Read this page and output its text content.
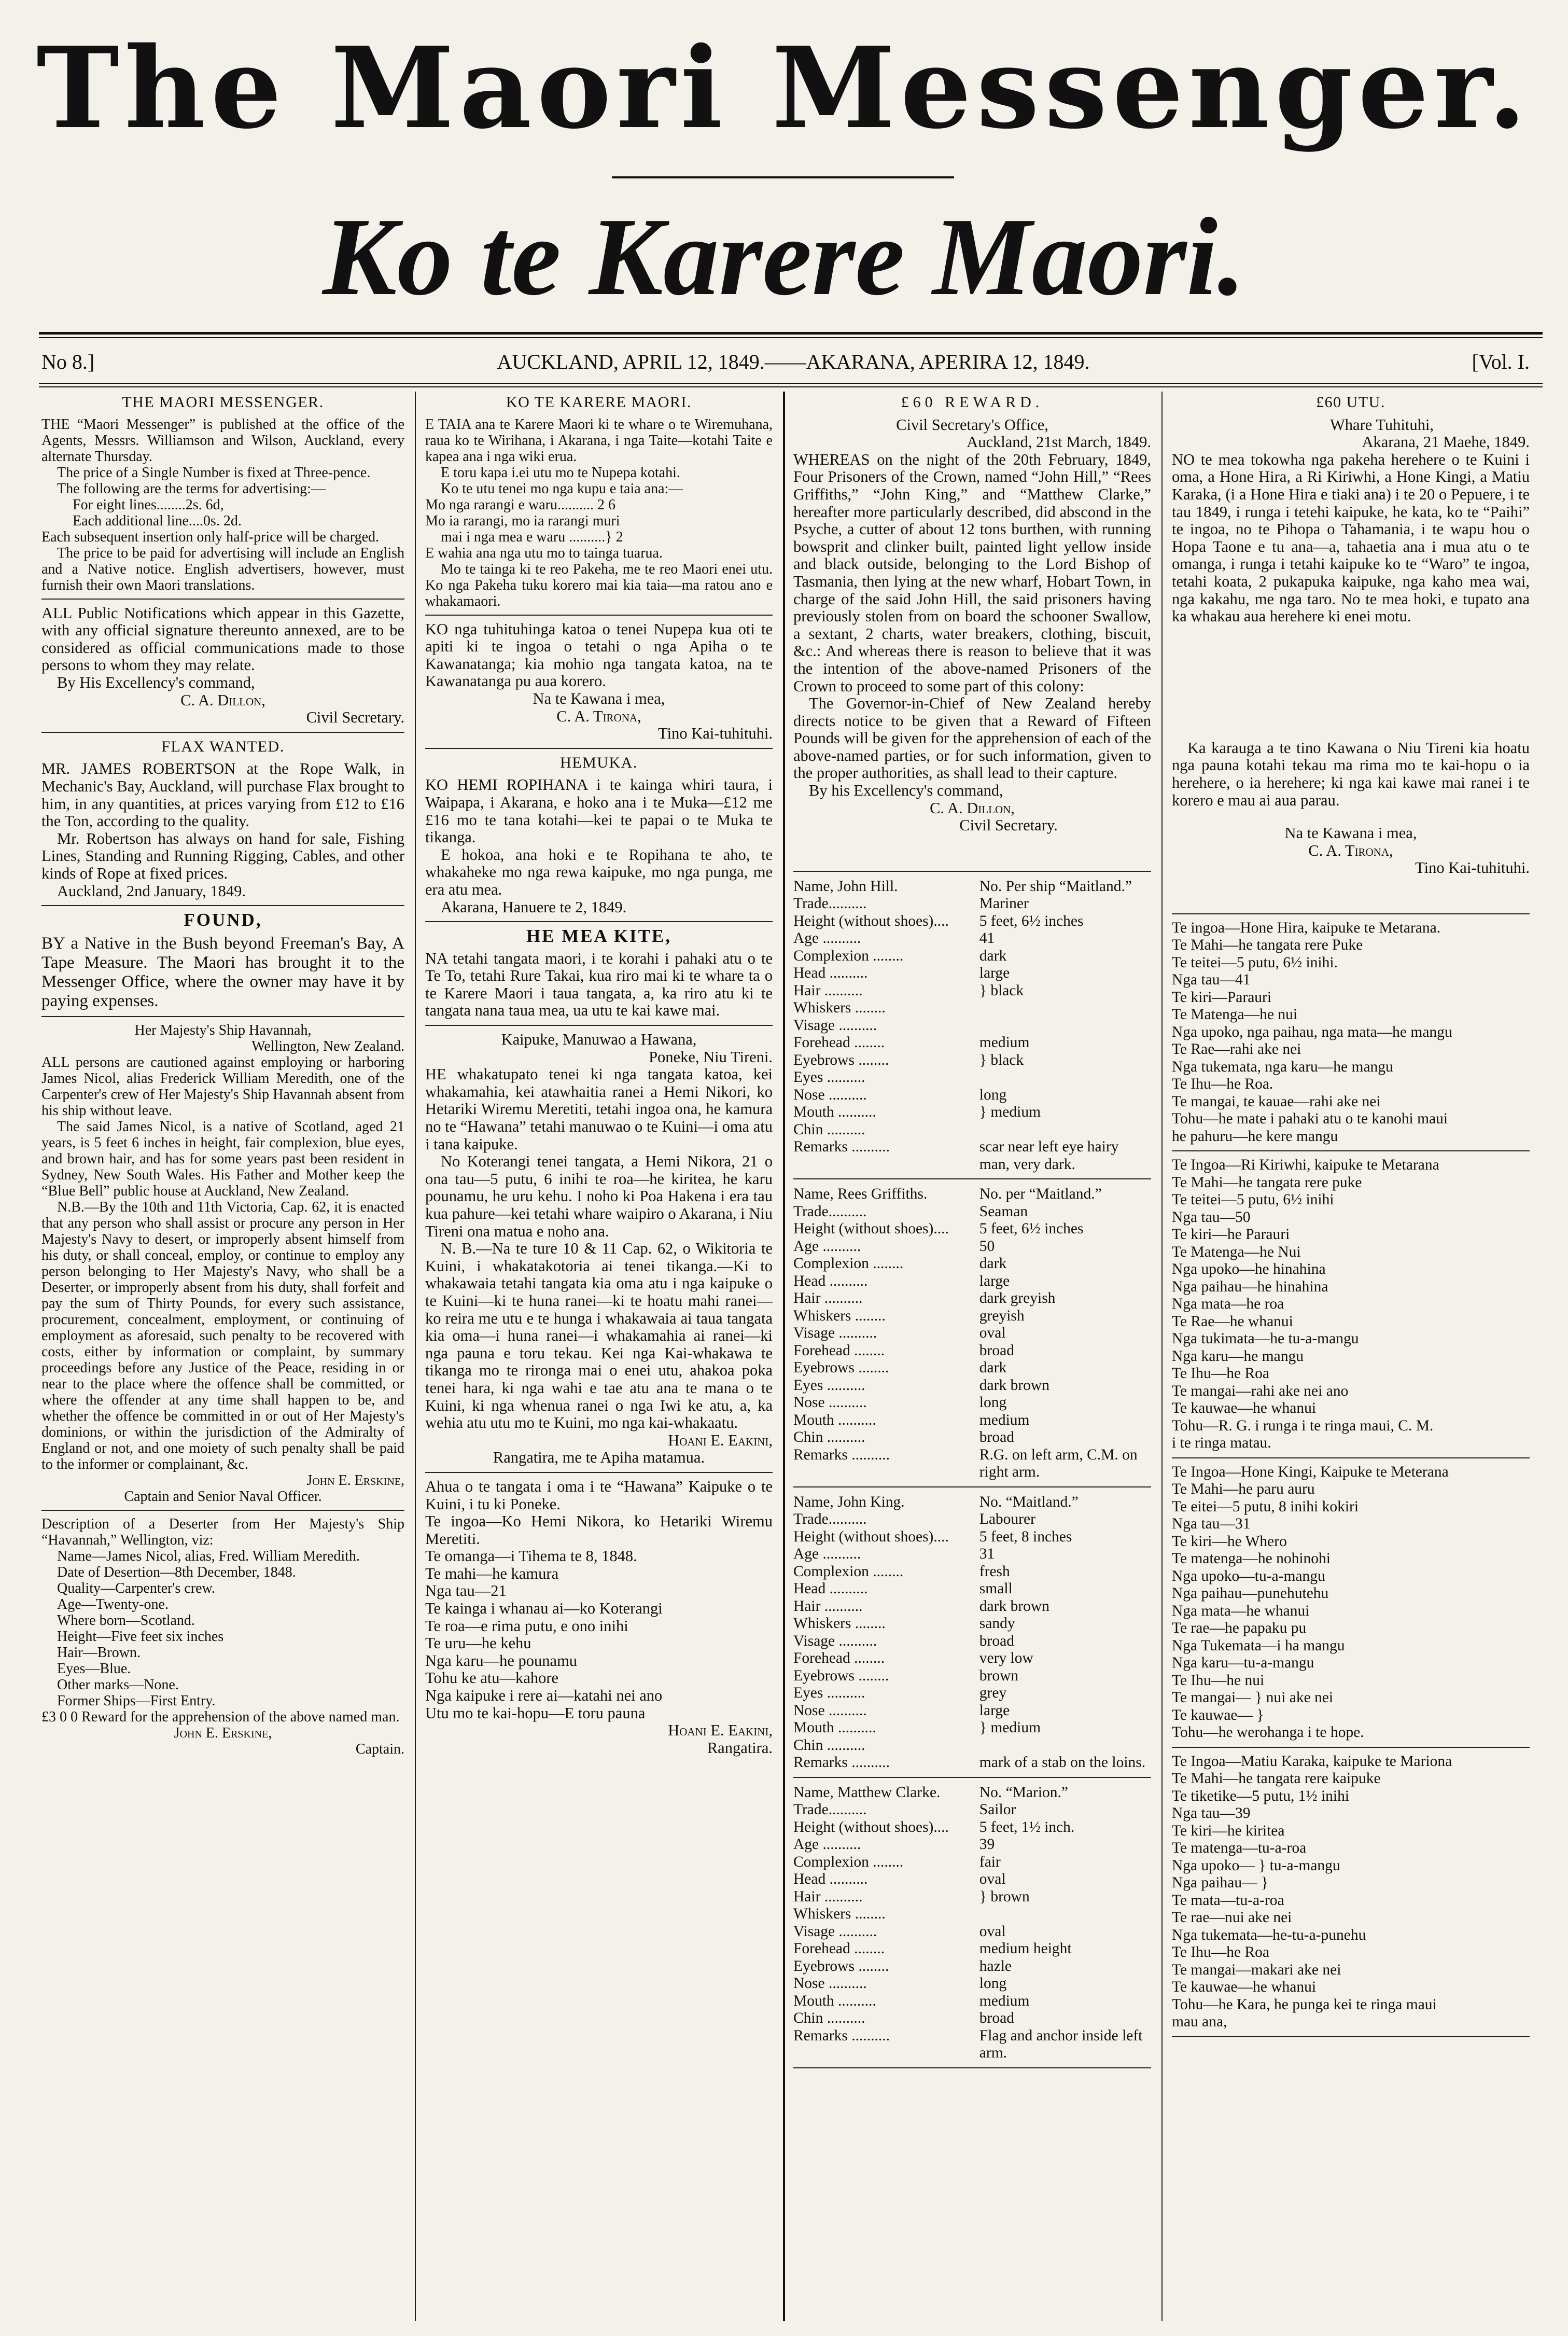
The Maori Messenger.
Ko te Karere Maori.
No 8.]	AUCKLAND, APRIL 12, 1849.——AKARANA, APERIRA 12, 1849.	[Vol. I.
THE MAORI MESSENGER.

THE “Maori Messenger” is published at the office of the Agents, Messrs. Williamson and Wilson, Auckland, every alternate Thursday.

The price of a Single Number is fixed at Three-pence.

The following are the terms for advertising:—

For eight lines........2s. 6d,

Each additional line....0s. 2d.

Each subsequent insertion only half-price will be charged.

The price to be paid for advertising will include an English and a Native notice. English advertisers, however, must furnish their own Maori translations.

ALL Public Notifications which appear in this Gazette, with any official signature thereunto annexed, are to be considered as official communications made to those persons to whom they may relate.

By His Excellency's command,

C. A. Dillon,

Civil Secretary.

FLAX WANTED.

MR. JAMES ROBERTSON at the Rope Walk, in Mechanic's Bay, Auckland, will purchase Flax brought to him, in any quantities, at prices varying from £12 to £16 the Ton, according to the quality.

Mr. Robertson has always on hand for sale, Fishing Lines, Standing and Running Rigging, Cables, and other kinds of Rope at fixed prices.

Auckland, 2nd January, 1849.

FOUND,

BY a Native in the Bush beyond Freeman's Bay, A Tape Measure. The Maori has brought it to the Messenger Office, where the owner may have it by paying expenses.

Her Majesty's Ship Havannah,

Wellington, New Zealand.

ALL persons are cautioned against employing or harboring James Nicol, alias Frederick William Meredith, one of the Carpenter's crew of Her Majesty's Ship Havannah absent from his ship without leave.

The said James Nicol, is a native of Scotland, aged 21 years, is 5 feet 6 inches in height, fair complexion, blue eyes, and brown hair, and has for some years past been resident in Sydney, New South Wales. His Father and Mother keep the “Blue Bell” public house at Auckland, New Zealand.

N.B.—By the 10th and 11th Victoria, Cap. 62, it is enacted that any person who shall assist or procure any person in Her Majesty's Navy to desert, or improperly absent himself from his duty, or shall conceal, employ, or continue to employ any person belonging to Her Majesty's Navy, who shall be a Deserter, or improperly absent from his duty, shall forfeit and pay the sum of Thirty Pounds, for every such assistance, procurement, concealment, employment, or continuing of employment as aforesaid, such penalty to be recovered with costs, either by information or complaint, by summary proceedings before any Justice of the Peace, residing in or near to the place where the offence shall be committed, or where the offender at any time shall happen to be, and whether the offence be committed in or out of Her Majesty's dominions, or within the jurisdiction of the Admiralty of England or not, and one moiety of such penalty shall be paid to the informer or complainant, &c.

John E. Erskine,

Captain and Senior Naval Officer.

Description of a Deserter from Her Majesty's Ship “Havannah,” Wellington, viz:

Name—James Nicol, alias, Fred. William Meredith.

Date of Desertion—8th December, 1848.

Quality—Carpenter's crew.

Age—Twenty-one.

Where born—Scotland.

Height—Five feet six inches

Hair—Brown.

Eyes—Blue.

Other marks—None.

Former Ships—First Entry.

£3 0 0 Reward for the apprehension of the above named man.

John E. Erskine,

Captain.

KO TE KARERE MAORI.

E TAIA ana te Karere Maori ki te whare o te Wiremuhana, raua ko te Wirihana, i Akarana, i nga Taite—kotahi Taite e kapea ana i nga wiki erua.

E toru kapa i.ei utu mo te Nupepa kotahi.

Ko te utu tenei mo nga kupu e taia ana:—

Mo nga rarangi e waru.......... 2 6

Mo ia rarangi, mo ia rarangi muri

mai i nga mea e waru ..........} 2

E wahia ana nga utu mo to tainga tuarua.

Mo te tainga ki te reo Pakeha, me te reo Maori enei utu. Ko nga Pakeha tuku korero mai kia taia—ma ratou ano e whakamaori.

KO nga tuhituhinga katoa o tenei Nupepa kua oti te apiti ki te ingoa o tetahi o nga Apiha o te Kawanatanga; kia mohio nga tangata katoa, na te Kawanatanga pu aua korero.

Na te Kawana i mea,

C. A. Tirona,

Tino Kai-tuhituhi.

HEMUKA.

KO HEMI ROPIHANA i te kainga whiri taura, i Waipapa, i Akarana, e hoko ana i te Muka—£12 me £16 mo te tana kotahi—kei te papai o te Muka te tikanga.

E hokoa, ana hoki e te Ropihana te aho, te whakaheke mo nga rewa kaipuke, mo nga punga, me era atu mea.

Akarana, Hanuere te 2, 1849.

HE MEA KITE,

NA tetahi tangata maori, i te korahi i pahaki atu o te Te To, tetahi Rure Takai, kua riro mai ki te whare ta o te Karere Maori i taua tangata, a, ka riro atu ki te tangata nana taua mea, ua utu te kai kawe mai.

Kaipuke, Manuwao a Hawana,

Poneke, Niu Tireni.

HE whakatupato tenei ki nga tangata katoa, kei whakamahia, kei atawhaitia ranei a Hemi Nikori, ko Hetariki Wiremu Meretiti, tetahi ingoa ona, he kamura no te “Hawana” tetahi manuwao o te Kuini—i oma atu i tana kaipuke.

No Koterangi tenei tangata, a Hemi Nikora, 21 o ona tau—5 putu, 6 inihi te roa—he kiritea, he karu pounamu, he uru kehu. I noho ki Poa Hakena i era tau kua pahure—kei tetahi whare waipiro o Akarana, i Niu Tireni ona matua e noho ana.

N. B.—Na te ture 10 & 11 Cap. 62, o Wikitoria te Kuini, i whakatakotoria ai tenei tikanga.—Ki to whakawaia tetahi tangata kia oma atu i nga kaipuke o te Kuini—ki te huna ranei—ki te hoatu mahi ranei—ko reira me utu e te hunga i whakawaia ai taua tangata kia oma—i huna ranei—i whakamahia ai ranei—ki nga pauna e toru tekau. Kei nga Kai-whakawa te tikanga mo te rironga mai o enei utu, ahakoa poka tenei hara, ki nga wahi e tae atu ana te mana o te Kuini, ki nga whenua ranei o nga Iwi ke atu, a, ka wehia atu utu mo te Kuini, mo nga kai-whakaatu.

Hoani E. Eakini,

Rangatira, me te Apiha matamua.

Ahua o te tangata i oma i te “Hawana” Kaipuke o te Kuini, i tu ki Poneke.

Te ingoa—Ko Hemi Nikora, ko Hetariki Wiremu Meretiti.

Te omanga—i Tihema te 8, 1848.

Te mahi—he kamura

Nga tau—21

Te kainga i whanau ai—ko Koterangi

Te roa—e rima putu, e ono inihi

Te uru—he kehu

Nga karu—he pounamu

Tohu ke atu—kahore

Nga kaipuke i rere ai—katahi nei ano

Utu mo te kai-hopu—E toru pauna

Hoani E. Eakini,

Rangatira.

£60 REWARD.

Civil Secretary's Office,

Auckland, 21st March, 1849.

WHEREAS on the night of the 20th February, 1849, Four Prisoners of the Crown, named “John Hill,” “Rees Griffiths,” “John King,” and “Matthew Clarke,” hereafter more particularly described, did abscond in the Psyche, a cutter of about 12 tons burthen, with running bowsprit and clinker built, painted light yellow inside and black outside, belonging to the Lord Bishop of Tasmania, then lying at the new wharf, Hobart Town, in charge of the said John Hill, the said prisoners having previously stolen from on board the schooner Swallow, a sextant, 2 charts, water breakers, clothing, biscuit, &c.: And whereas there is reason to believe that it was the intention of the above-named Prisoners of the Crown to proceed to some part of this colony:

The Governor-in-Chief of New Zealand hereby directs notice to be given that a Reward of Fifteen Pounds will be given for the apprehension of each of the above-named parties, or for such information, given to the proper authorities, as shall lead to their capture.

By his Excellency's command,

C. A. Dillon,

Civil Secretary.

Name, John Hill.	No. Per ship “Maitland.”
Trade..........	Mariner
Height (without shoes)....	5 feet, 6½ inches
Age ..........	41
Complexion ........	dark
Head ..........	large
Hair ..........	} black
Whiskers ........	
Visage ..........	
Forehead ........	medium
Eyebrows ........	} black
Eyes ..........	
Nose ..........	long
Mouth ..........	} medium
Chin ..........	
Remarks ..........	scar near left eye hairy man, very dark.
Name, Rees Griffiths.	No. per “Maitland.”
Trade..........	Seaman
Height (without shoes)....	5 feet, 6½ inches
Age ..........	50
Complexion ........	dark
Head ..........	large
Hair ..........	dark greyish
Whiskers ........	greyish
Visage ..........	oval
Forehead ........	broad
Eyebrows ........	dark
Eyes ..........	dark brown
Nose ..........	long
Mouth ..........	medium
Chin ..........	broad
Remarks ..........	R.G. on left arm, C.M. on right arm.
Name, John King.	No. “Maitland.”
Trade..........	Labourer
Height (without shoes)....	5 feet, 8 inches
Age ..........	31
Complexion ........	fresh
Head ..........	small
Hair ..........	dark brown
Whiskers ........	sandy
Visage ..........	broad
Forehead ........	very low
Eyebrows ........	brown
Eyes ..........	grey
Nose ..........	large
Mouth ..........	} medium
Chin ..........	
Remarks ..........	mark of a stab on the loins.
Name, Matthew Clarke.	No. “Marion.”
Trade..........	Sailor
Height (without shoes)....	5 feet, 1½ inch.
Age ..........	39
Complexion ........	fair
Head ..........	oval
Hair ..........	} brown
Whiskers ........	
Visage ..........	oval
Forehead ........	medium height
Eyebrows ........	hazle
Nose ..........	long
Mouth ..........	medium
Chin ..........	broad
Remarks ..........	Flag and anchor inside left arm.
£60 UTU.

Whare Tuhituhi,

Akarana, 21 Maehe, 1849.

NO te mea tokowha nga pakeha herehere o te Kuini i oma, a Hone Hira, a Ri Kiriwhi, a Hone Kingi, a Matiu Karaka, (i a Hone Hira e tiaki ana) i te 20 o Pepuere, i te tau 1849, i runga i tetehi kaipuke, he kata, ko te “Paihi” te ingoa, no te Pihopa o Tahamania, i te wapu hou o Hopa Taone e tu ana—a, tahaetia ana i mua atu o te omanga, i runga i tetahi kaipuke ko te “Waro” te ingoa, tetahi koata, 2 pukapuka kaipuke, nga kaho mea wai, nga kakahu, me nga taro. No te mea hoki, e tupato ana ka whakau aua herehere ki enei motu.

Ka karauga a te tino Kawana o Niu Tireni kia hoatu nga pauna kotahi tekau ma rima mo te kai-hopu o ia herehere, o ia herehere; ki nga kai kawe mai ranei i te korero e mau ai aua parau.

Na te Kawana i mea,

C. A. Tirona,

Tino Kai-tuhituhi.

Te ingoa—Hone Hira, kaipuke te Metarana.
Te Mahi—he tangata rere Puke
Te teitei—5 putu, 6½ inihi.
Nga tau—41
Te kiri—Parauri
Te Matenga—he nui
Nga upoko, nga paihau, nga mata—he mangu
Te Rae—rahi ake nei
Nga tukemata, nga karu—he mangu
Te Ihu—he Roa.
Te mangai, te kauae—rahi ake nei
Tohu—he mate i pahaki atu o te kanohi maui
he pahuru—he kere mangu
Te Ingoa—Ri Kiriwhi, kaipuke te Metarana
Te Mahi—he tangata rere puke
Te teitei—5 putu, 6½ inihi
Nga tau—50
Te kiri—he Parauri
Te Matenga—he Nui
Nga upoko—he hinahina
Nga paihau—he hinahina
Nga mata—he roa
Te Rae—he whanui
Nga tukimata—he tu-a-mangu
Nga karu—he mangu
Te Ihu—he Roa
Te mangai—rahi ake nei ano
Te kauwae—he whanui
Tohu—R. G. i runga i te ringa maui, C. M.
i te ringa matau.
Te Ingoa—Hone Kingi, Kaipuke te Meterana
Te Mahi—he paru auru
Te eitei—5 putu, 8 inihi kokiri
Nga tau—31
Te kiri—he Whero
Te matenga—he nohinohi
Nga upoko—tu-a-mangu
Nga paihau—punehutehu
Nga mata—he whanui
Te rae—he papaku pu
Nga Tukemata—i ha mangu
Nga karu—tu-a-mangu
Te Ihu—he nui
Te mangai— } nui ake nei
Te kauwae— }
Tohu—he werohanga i te hope.
Te Ingoa—Matiu Karaka, kaipuke te Mariona
Te Mahi—he tangata rere kaipuke
Te tiketike—5 putu, 1½ inihi
Nga tau—39
Te kiri—he kiritea
Te matenga—tu-a-roa
Nga upoko— } tu-a-mangu
Nga paihau— }
Te mata—tu-a-roa
Te rae—nui ake nei
Nga tukemata—he-tu-a-punehu
Te Ihu—he Roa
Te mangai—makari ake nei
Te kauwae—he whanui
Tohu—he Kara, he punga kei te ringa maui
mau ana,
